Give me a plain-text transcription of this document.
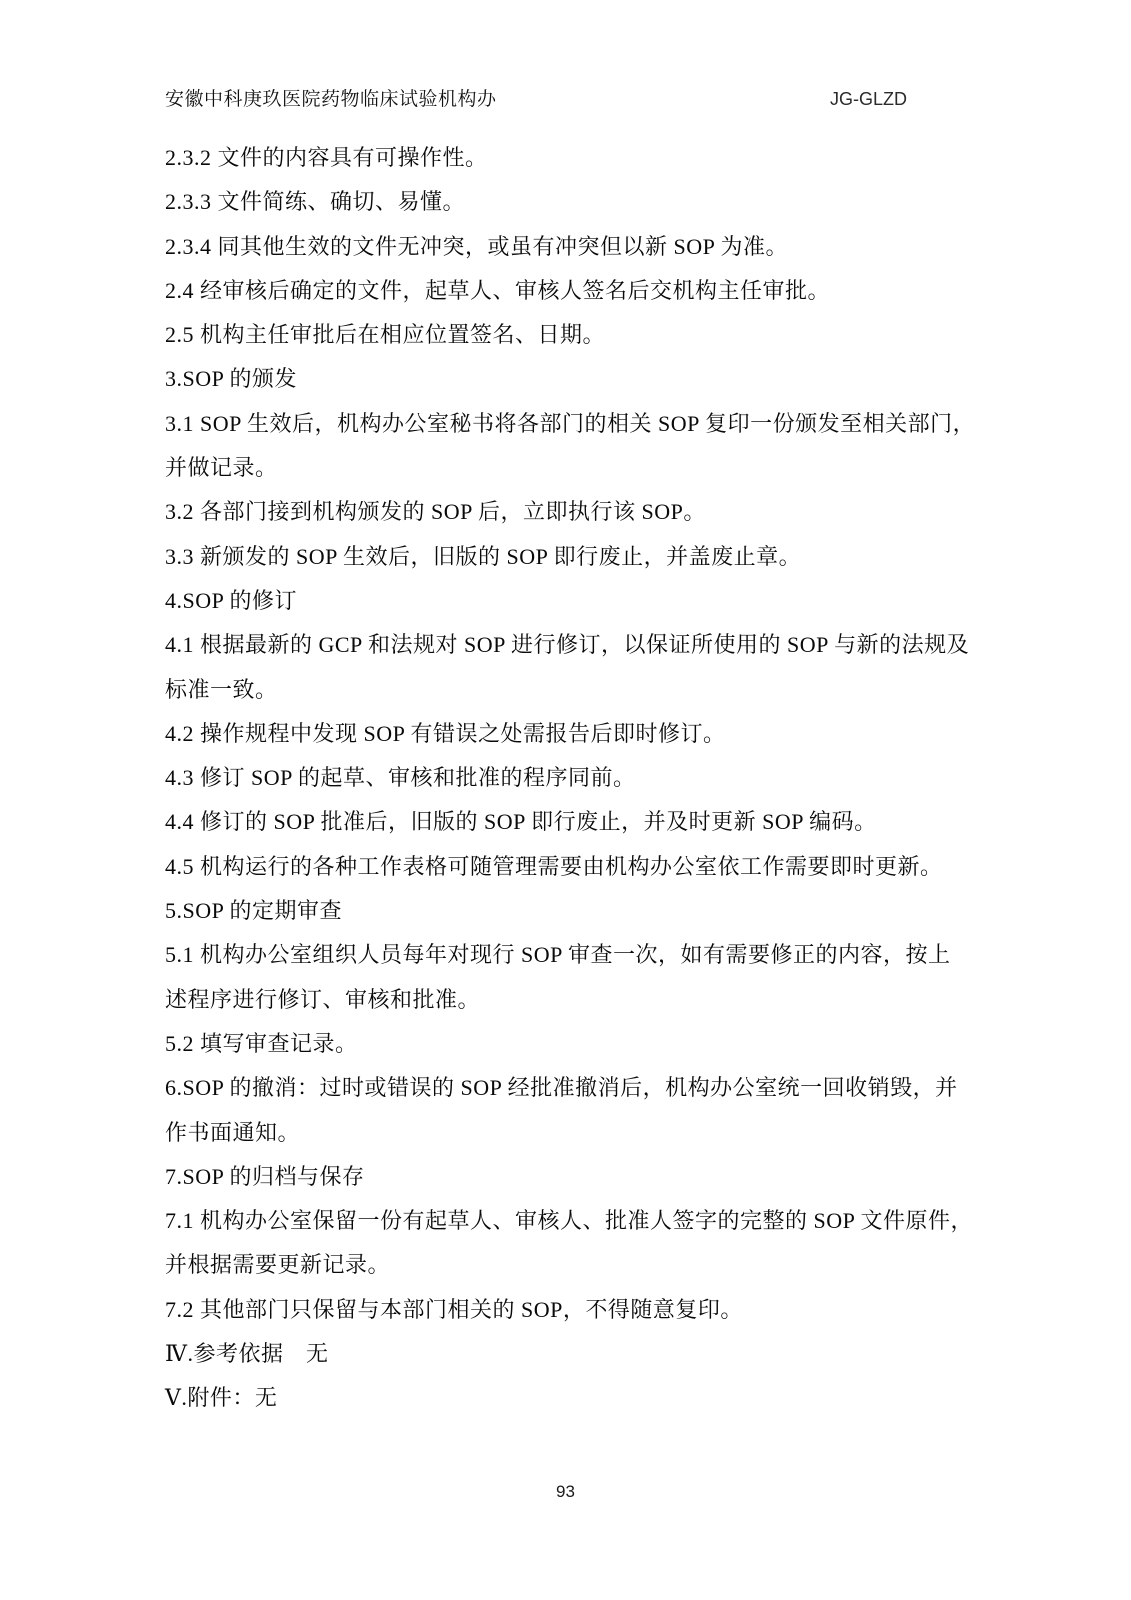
安徽中科庚玖医院药物临床试验机构办	JG-GLZD
2.3.2 文件的内容具有可操作性。
2.3.3 文件简练、确切、易懂。
2.3.4 同其他生效的文件无冲突，或虽有冲突但以新 SOP 为准。
2.4 经审核后确定的文件，起草人、审核人签名后交机构主任审批。
2.5 机构主任审批后在相应位置签名、日期。
3.SOP 的颁发
3.1 SOP 生效后，机构办公室秘书将各部门的相关 SOP 复印一份颁发至相关部门，
并做记录。
3.2 各部门接到机构颁发的 SOP 后，立即执行该 SOP。
3.3 新颁发的 SOP 生效后，旧版的 SOP 即行废止，并盖废止章。
4.SOP 的修订
4.1 根据最新的 GCP 和法规对 SOP 进行修订，以保证所使用的 SOP 与新的法规及
标准一致。
4.2 操作规程中发现 SOP 有错误之处需报告后即时修订。
4.3 修订 SOP 的起草、审核和批准的程序同前。
4.4 修订的 SOP 批准后，旧版的 SOP 即行废止，并及时更新 SOP 编码。
4.5 机构运行的各种工作表格可随管理需要由机构办公室依工作需要即时更新。
5.SOP 的定期审查
5.1 机构办公室组织人员每年对现行 SOP 审查一次，如有需要修正的内容，按上
述程序进行修订、审核和批准。
5.2 填写审查记录。
6.SOP 的撤消：过时或错误的 SOP 经批准撤消后，机构办公室统一回收销毁，并
作书面通知。
7.SOP 的归档与保存
7.1 机构办公室保留一份有起草人、审核人、批准人签字的完整的 SOP 文件原件，
并根据需要更新记录。
7.2 其他部门只保留与本部门相关的 SOP，不得随意复印。
Ⅳ.参考依据　无
Ⅴ.附件：无
93
